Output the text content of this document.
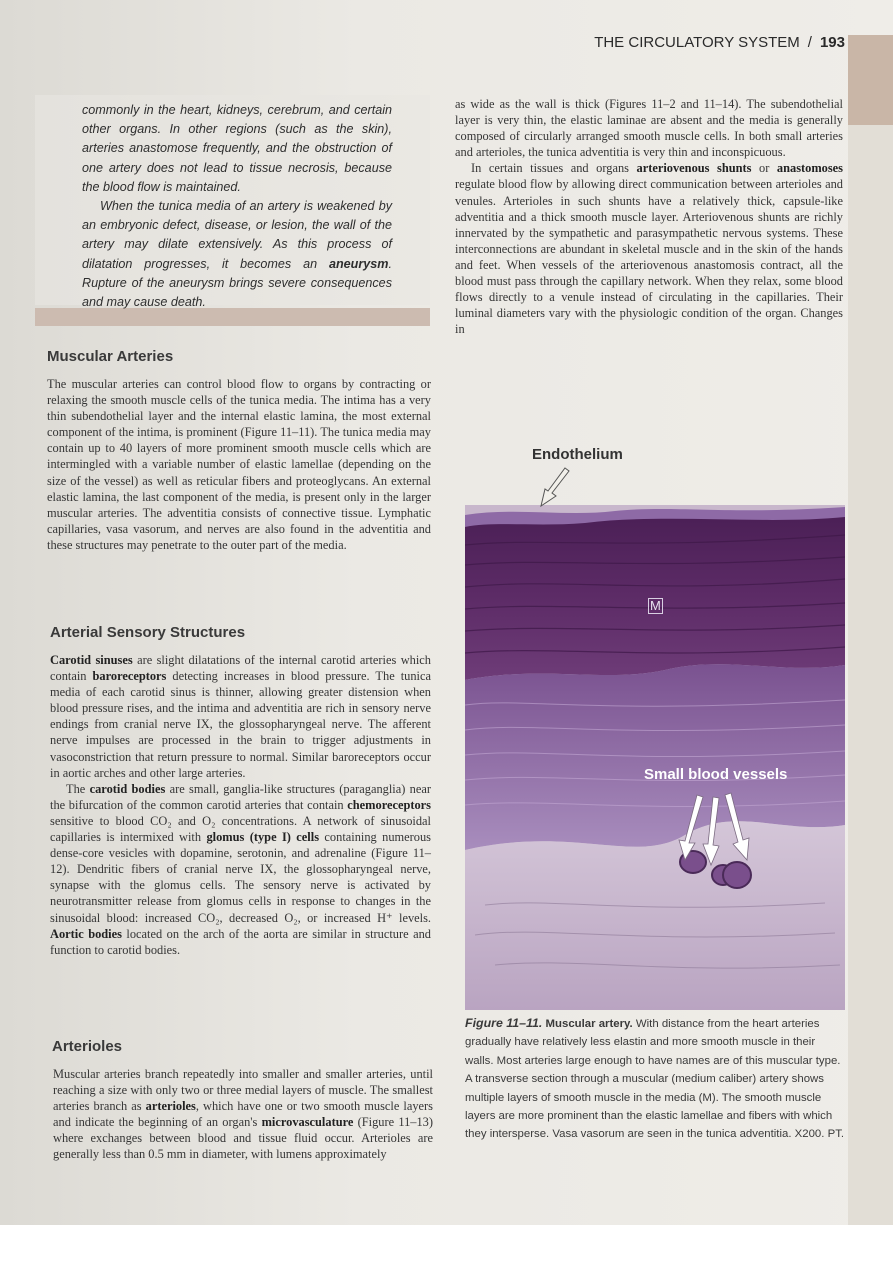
THE CIRCULATORY SYSTEM / 193

commonly in the heart, kidneys, cerebrum, and certain other organs. In other regions (such as the skin), arteries anastomose frequently, and the obstruction of one artery does not lead to tissue necrosis, because the blood flow is maintained.

When the tunica media of an artery is weakened by an embryonic defect, disease, or lesion, the wall of the artery may dilate extensively. As this process of dilatation progresses, it becomes an aneurysm. Rupture of the aneurysm brings severe consequences and may cause death.

Muscular Arteries

The muscular arteries can control blood flow to organs by contracting or relaxing the smooth muscle cells of the tunica media. The intima has a very thin subendothelial layer and the internal elastic lamina, the most external component of the intima, is prominent (Figure 11–11). The tunica media may contain up to 40 layers of more prominent smooth muscle cells which are intermingled with a variable number of elastic lamellae (depending on the size of the vessel) as well as reticular fibers and proteoglycans. An external elastic lamina, the last component of the media, is present only in the larger muscular arteries. The adventitia consists of connective tissue. Lymphatic capillaries, vasa vasorum, and nerves are also found in the adventitia and these structures may penetrate to the outer part of the media.

Arterial Sensory Structures

Carotid sinuses are slight dilatations of the internal carotid arteries which contain baroreceptors detecting increases in blood pressure. The tunica media of each carotid sinus is thinner, allowing greater distension when blood pressure rises, and the intima and adventitia are rich in sensory nerve endings from cranial nerve IX, the glossopharyngeal nerve. The afferent nerve impulses are processed in the brain to trigger adjustments in vasoconstriction that return pressure to normal. Similar baroreceptors occur in aortic arches and other large arteries.

The carotid bodies are small, ganglia-like structures (paraganglia) near the bifurcation of the common carotid arteries that contain chemoreceptors sensitive to blood CO₂ and O₂ concentrations. A network of sinusoidal capillaries is intermixed with glomus (type I) cells containing numerous dense-core vesicles with dopamine, serotonin, and adrenaline (Figure 11–12). Dendritic fibers of cranial nerve IX, the glossopharyngeal nerve, synapse with the glomus cells. The sensory nerve is activated by neurotransmitter release from glomus cells in response to changes in the sinusoidal blood: increased CO₂, decreased O₂, or increased H⁺ levels. Aortic bodies located on the arch of the aorta are similar in structure and function to carotid bodies.

Arterioles

Muscular arteries branch repeatedly into smaller and smaller arteries, until reaching a size with only two or three medial layers of muscle. The smallest arteries branch as arterioles, which have one or two smooth muscle layers and indicate the beginning of an organ's microvasculature (Figure 11–13) where exchanges between blood and tissue fluid occur. Arterioles are generally less than 0.5 mm in diameter, with lumens approximately

as wide as the wall is thick (Figures 11–2 and 11–14). The subendothelial layer is very thin, the elastic laminae are absent and the media is generally composed of circularly arranged smooth muscle cells. In both small arteries and arterioles, the tunica adventitia is very thin and inconspicuous.

In certain tissues and organs arteriovenous shunts or anastomoses regulate blood flow by allowing direct communication between arterioles and venules. Arterioles in such shunts have a relatively thick, capsule-like adventitia and a thick smooth muscle layer. Arteriovenous shunts are richly innervated by the sympathetic and parasympathetic nervous systems. These interconnections are abundant in skeletal muscle and in the skin of the hands and feet. When vessels of the arteriovenous anastomosis contract, all the blood must pass through the capillary network. When they relax, some blood flows directly to a venule instead of circulating in the capillaries. Their luminal diameters vary with the physiologic condition of the organ. Changes in

Endothelium
M
Small blood vessels

Figure 11–11. Muscular artery. With distance from the heart arteries gradually have relatively less elastin and more smooth muscle in their walls. Most arteries large enough to have names are of this muscular type. A transverse section through a muscular (medium caliber) artery shows multiple layers of smooth muscle in the media (M). The smooth muscle layers are more prominent than the elastic lamellae and fibers with which they intersperse. Vasa vasorum are seen in the tunica adventitia. X200. PT.
